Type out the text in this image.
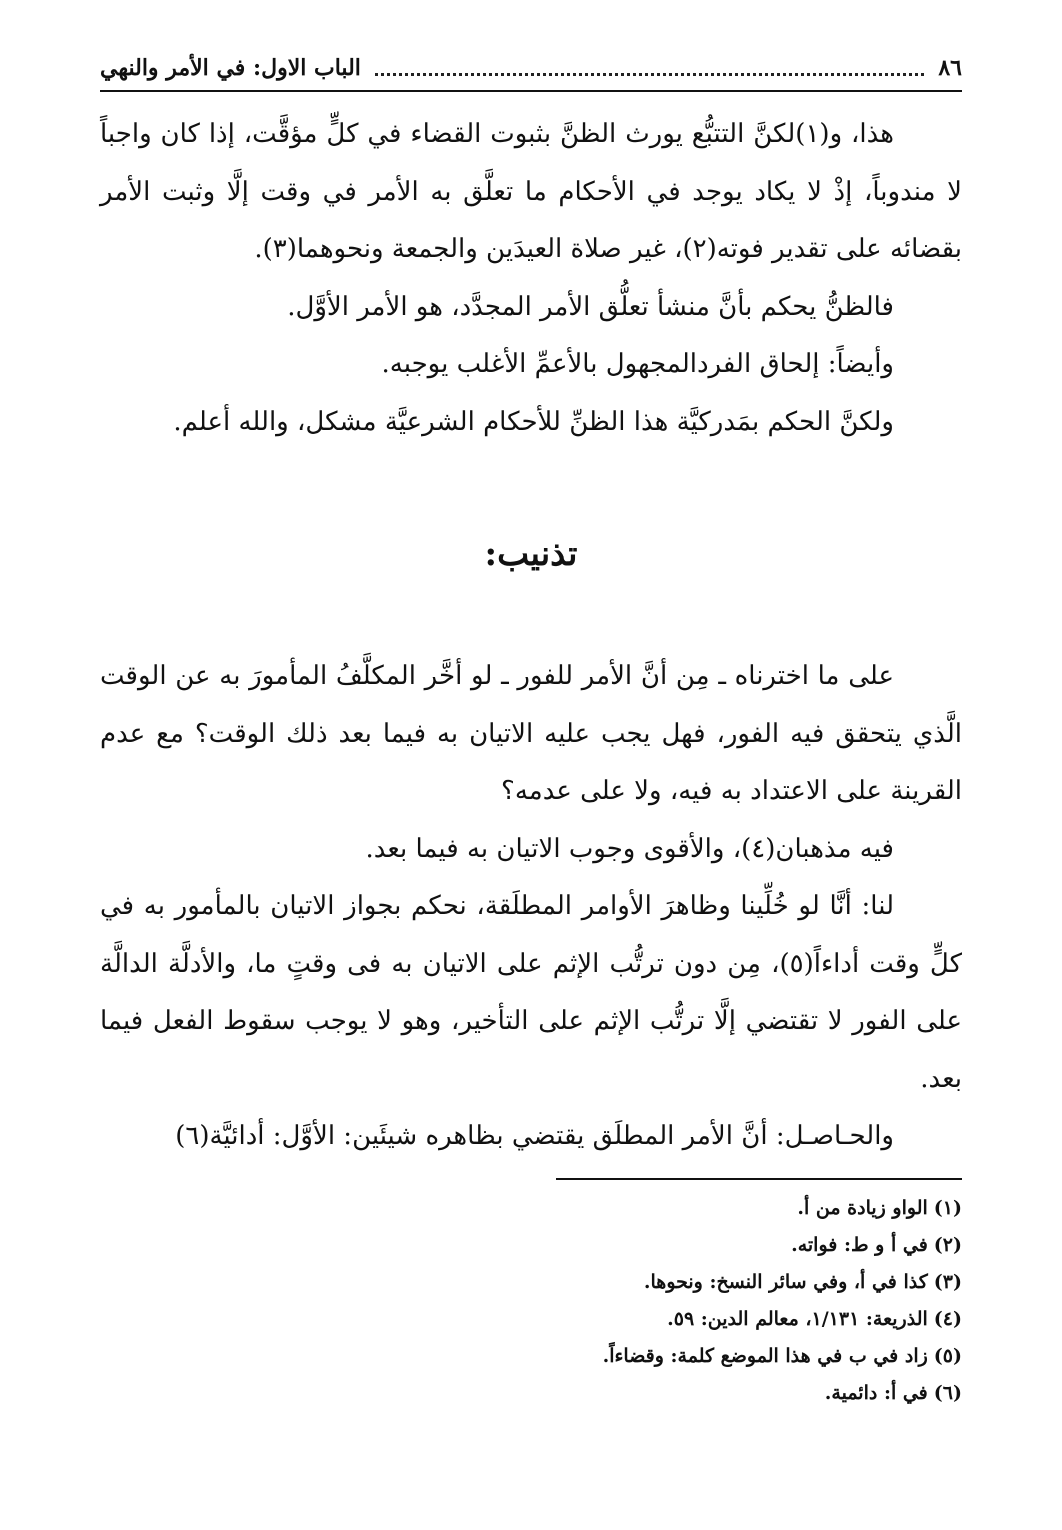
٨٦
الباب الاول: في الأمر والنهي

هذا، و(١)لكنَّ التتبُّع يورث الظنَّ بثبوت القضاء في كلٍّ مؤقَّت، إذا كان واجباً لا مندوباً، إذْ لا يكاد يوجد في الأحكام ما تعلَّق به الأمر في وقت إلَّا وثبت الأمر بقضائه على تقدير فوته(٢)، غير صلاة العيدَين والجمعة ونحوهما(٣).

فالظنُّ يحكم بأنَّ منشأ تعلُّق الأمر المجدَّد، هو الأمر الأوَّل.

وأيضاً: إلحاق الفردالمجهول بالأعمِّ الأغلب يوجبه.

ولكنَّ الحكم بمَدركيَّة هذا الظنِّ للأحكام الشرعيَّة مشكل، والله أعلم.

تذنيب:

على ما اخترناه ـ مِن أنَّ الأمر للفور ـ لو أخَّر المكلَّفُ المأمورَ به عن الوقت الَّذي يتحقق فيه الفور، فهل يجب عليه الاتيان به فيما بعد ذلك الوقت؟ مع عدم القرينة على الاعتداد به فيه، ولا على عدمه؟

فيه مذهبان(٤)، والأقوى وجوب الاتيان به فيما بعد.

لنا: أنَّا لو خُلِّينا وظاهرَ الأوامر المطلَقة، نحكم بجواز الاتيان بالمأمور به في كلٍّ وقت أداءاً(٥)، مِن دون ترتُّب الإثم على الاتيان به فى وقتٍ ما، والأدلَّة الدالَّة على الفور لا تقتضي إلَّا ترتُّب الإثم على التأخير، وهو لا يوجب سقوط الفعل فيما بعد.

والحـاصـل: أنَّ الأمر المطلَق يقتضي بظاهره شيئَين: الأوَّل: أدائيَّة(٦)

(١)الواو زيادة من أ.
(٢)في أ و ط: فواته.
(٣)كذا في أ، وفي سائر النسخ: ونحوها.
(٤)الذريعة: ١/١٣١، معالم الدين: ٥٩.
(٥)زاد في ب في هذا الموضع كلمة: وقضاءاً.
(٦)في أ: دائمية.
